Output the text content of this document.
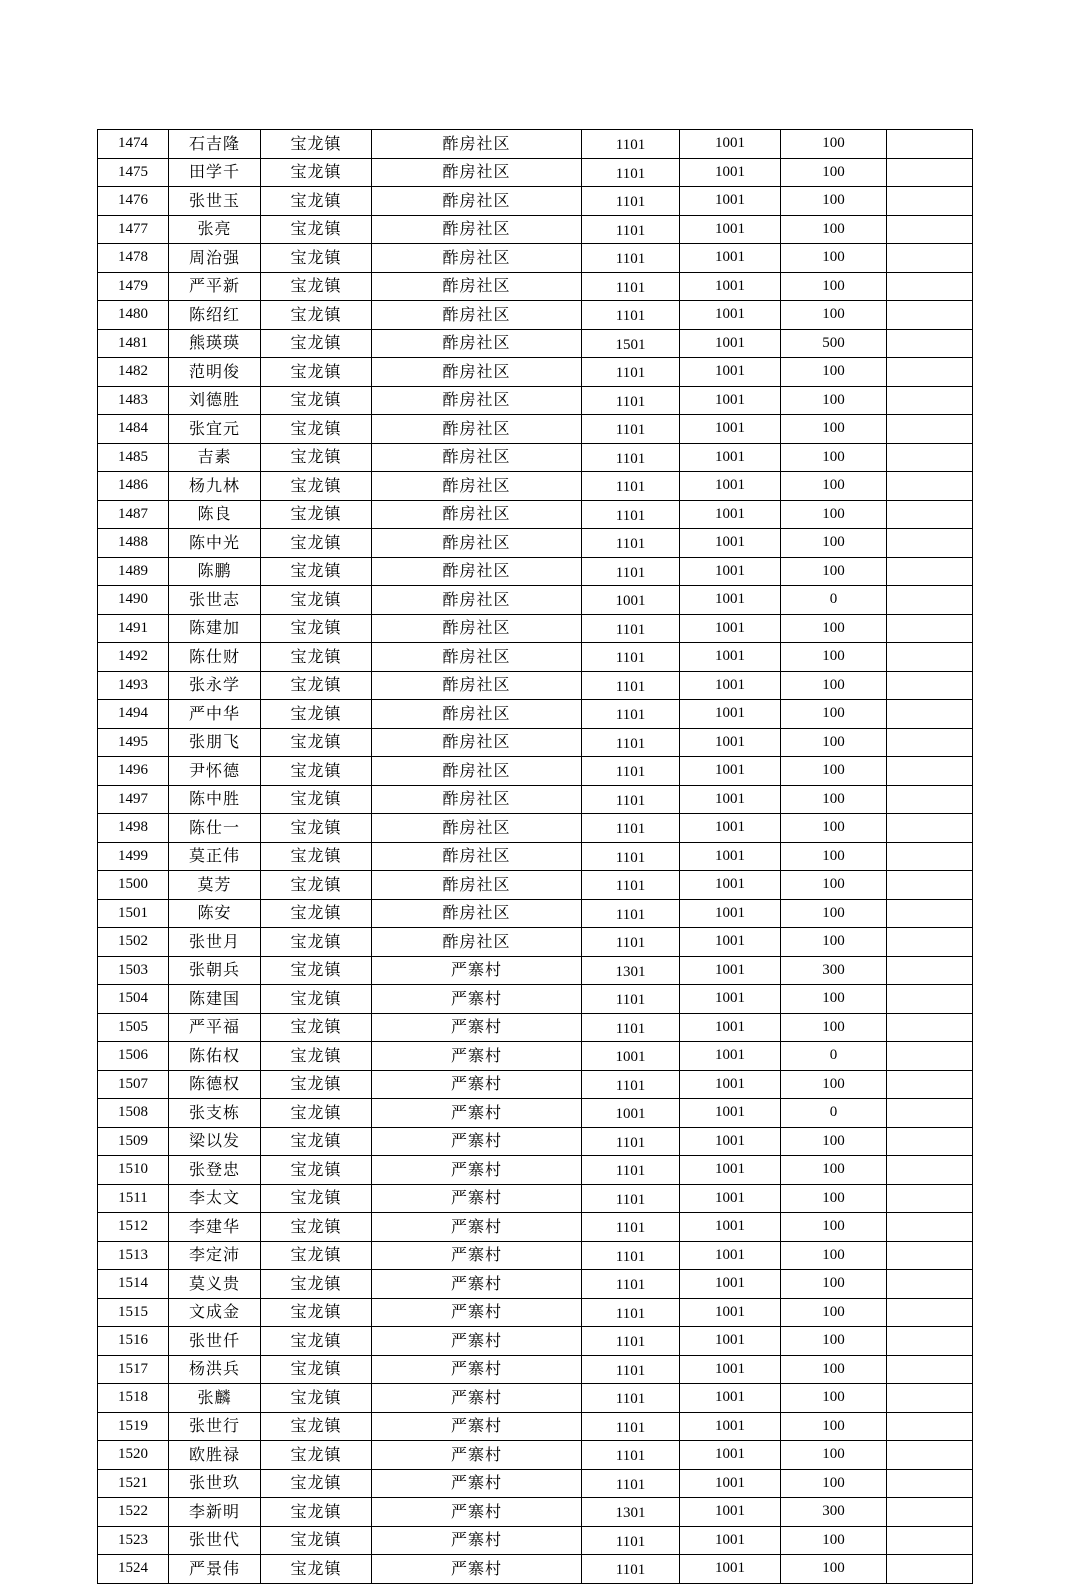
1474	石吉隆	宝龙镇	酢房社区	1101	1001	100	
1475	田学千	宝龙镇	酢房社区	1101	1001	100	
1476	张世玉	宝龙镇	酢房社区	1101	1001	100	
1477	张亮	宝龙镇	酢房社区	1101	1001	100	
1478	周治强	宝龙镇	酢房社区	1101	1001	100	
1479	严平新	宝龙镇	酢房社区	1101	1001	100	
1480	陈绍红	宝龙镇	酢房社区	1101	1001	100	
1481	熊瑛瑛	宝龙镇	酢房社区	1501	1001	500	
1482	范明俊	宝龙镇	酢房社区	1101	1001	100	
1483	刘德胜	宝龙镇	酢房社区	1101	1001	100	
1484	张宜元	宝龙镇	酢房社区	1101	1001	100	
1485	吉素	宝龙镇	酢房社区	1101	1001	100	
1486	杨九林	宝龙镇	酢房社区	1101	1001	100	
1487	陈良	宝龙镇	酢房社区	1101	1001	100	
1488	陈中光	宝龙镇	酢房社区	1101	1001	100	
1489	陈鹏	宝龙镇	酢房社区	1101	1001	100	
1490	张世志	宝龙镇	酢房社区	1001	1001	0	
1491	陈建加	宝龙镇	酢房社区	1101	1001	100	
1492	陈仕财	宝龙镇	酢房社区	1101	1001	100	
1493	张永学	宝龙镇	酢房社区	1101	1001	100	
1494	严中华	宝龙镇	酢房社区	1101	1001	100	
1495	张朋飞	宝龙镇	酢房社区	1101	1001	100	
1496	尹怀德	宝龙镇	酢房社区	1101	1001	100	
1497	陈中胜	宝龙镇	酢房社区	1101	1001	100	
1498	陈仕一	宝龙镇	酢房社区	1101	1001	100	
1499	莫正伟	宝龙镇	酢房社区	1101	1001	100	
1500	莫芳	宝龙镇	酢房社区	1101	1001	100	
1501	陈安	宝龙镇	酢房社区	1101	1001	100	
1502	张世月	宝龙镇	酢房社区	1101	1001	100	
1503	张朝兵	宝龙镇	严寨村	1301	1001	300	
1504	陈建国	宝龙镇	严寨村	1101	1001	100	
1505	严平福	宝龙镇	严寨村	1101	1001	100	
1506	陈佑权	宝龙镇	严寨村	1001	1001	0	
1507	陈德权	宝龙镇	严寨村	1101	1001	100	
1508	张支栋	宝龙镇	严寨村	1001	1001	0	
1509	梁以发	宝龙镇	严寨村	1101	1001	100	
1510	张登忠	宝龙镇	严寨村	1101	1001	100	
1511	李太文	宝龙镇	严寨村	1101	1001	100	
1512	李建华	宝龙镇	严寨村	1101	1001	100	
1513	李定沛	宝龙镇	严寨村	1101	1001	100	
1514	莫义贵	宝龙镇	严寨村	1101	1001	100	
1515	文成金	宝龙镇	严寨村	1101	1001	100	
1516	张世仟	宝龙镇	严寨村	1101	1001	100	
1517	杨洪兵	宝龙镇	严寨村	1101	1001	100	
1518	张麟	宝龙镇	严寨村	1101	1001	100	
1519	张世行	宝龙镇	严寨村	1101	1001	100	
1520	欧胜禄	宝龙镇	严寨村	1101	1001	100	
1521	张世玖	宝龙镇	严寨村	1101	1001	100	
1522	李新明	宝龙镇	严寨村	1301	1001	300	
1523	张世代	宝龙镇	严寨村	1101	1001	100	
1524	严景伟	宝龙镇	严寨村	1101	1001	100	
